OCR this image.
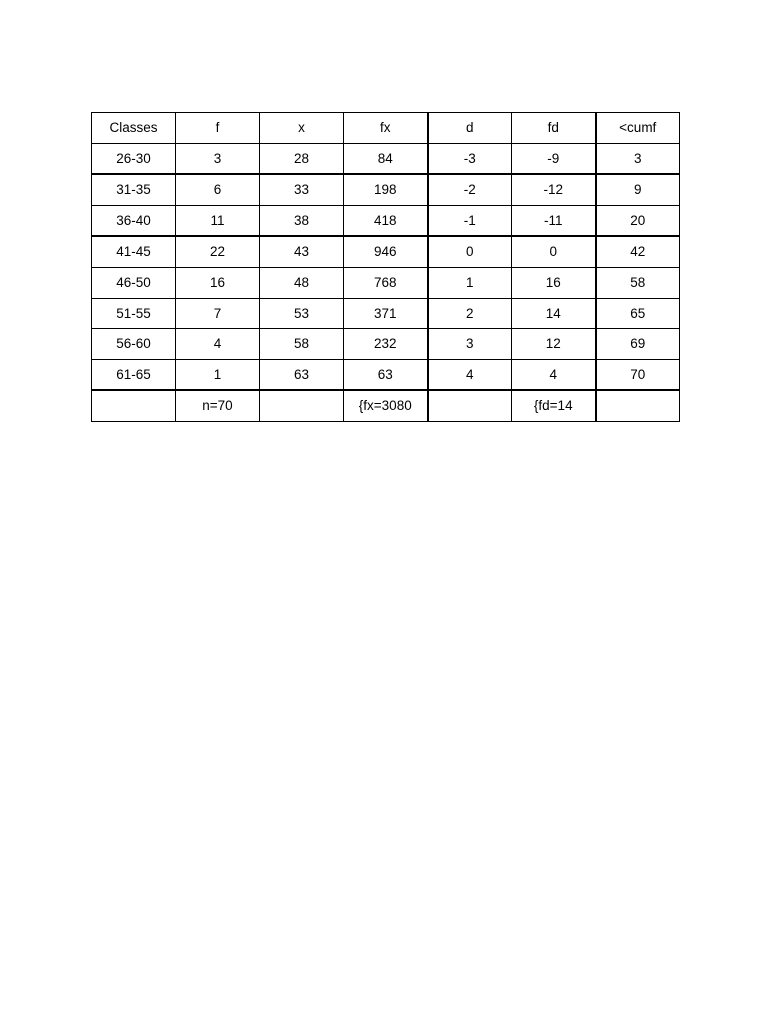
Classes	f	x	fx	d	fd	<cumf
26-30	3	28	84	-3	-9	3
31-35	6	33	198	-2	-12	9
36-40	11	38	418	-1	-11	20
41-45	22	43	946	0	0	42
46-50	16	48	768	1	16	58
51-55	7	53	371	2	14	65
56-60	4	58	232	3	12	69
61-65	1	63	63	4	4	70
	n=70		{fx=3080		{fd=14	
